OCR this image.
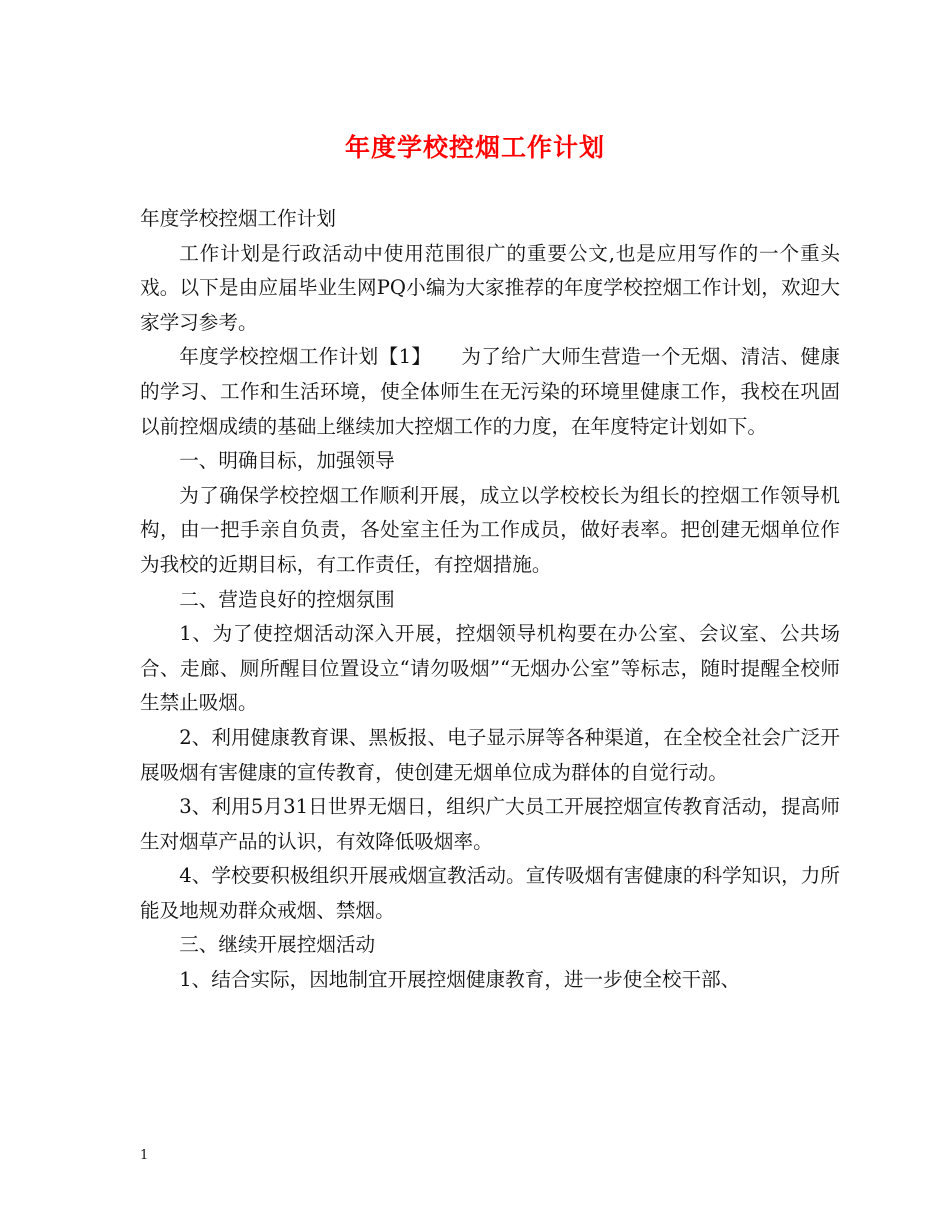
年度学校控烟工作计划

年度学校控烟工作计划

工作计划是行政活动中使用范围很广的重要公文,也是应用写作的一个重头戏。以下是由应届毕业生网PQ小编为大家推荐的年度学校控烟工作计划，欢迎大家学习参考。

年度学校控烟工作计划【1】　　为了给广大师生营造一个无烟、清洁、健康的学习、工作和生活环境，使全体师生在无污染的环境里健康工作，我校在巩固以前控烟成绩的基础上继续加大控烟工作的力度，在年度特定计划如下。

一、明确目标，加强领导

为了确保学校控烟工作顺利开展，成立以学校校长为组长的控烟工作领导机构，由一把手亲自负责，各处室主任为工作成员，做好表率。把创建无烟单位作为我校的近期目标，有工作责任，有控烟措施。

二、营造良好的控烟氛围

1、为了使控烟活动深入开展，控烟领导机构要在办公室、会议室、公共场合、走廊、厕所醒目位置设立“请勿吸烟”“无烟办公室”等标志，随时提醒全校师生禁止吸烟。

2、利用健康教育课、黑板报、电子显示屏等各种渠道，在全校全社会广泛开展吸烟有害健康的宣传教育，使创建无烟单位成为群体的自觉行动。

3、利用5月31日世界无烟日，组织广大员工开展控烟宣传教育活动，提高师生对烟草产品的认识，有效降低吸烟率。

4、学校要积极组织开展戒烟宣教活动。宣传吸烟有害健康的科学知识，力所能及地规劝群众戒烟、禁烟。

三、继续开展控烟活动

1、结合实际，因地制宜开展控烟健康教育，进一步使全校干部、

1
